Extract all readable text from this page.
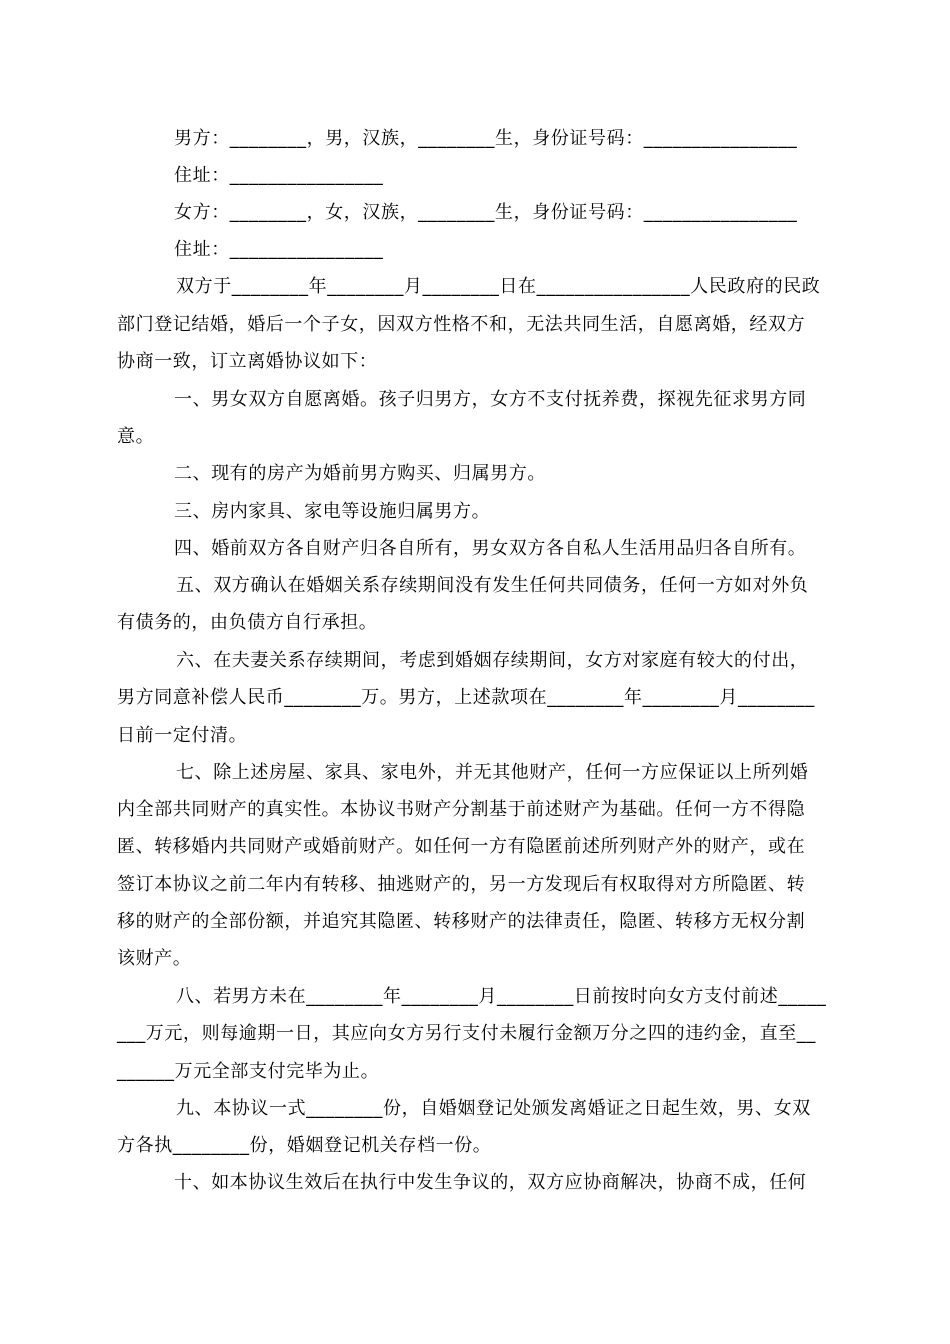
男方：________，男，汉族，________生，身份证号码：________________
住址：________________
女方：________，女，汉族，________生，身份证号码：________________
住址：________________
双方于________年________月________日在________________人民政府的民政
部门登记结婚，婚后一个子女，因双方性格不和，无法共同生活，自愿离婚，经双方
协商一致，订立离婚协议如下：
一、男女双方自愿离婚。孩子归男方，女方不支付抚养费，探视先征求男方同
意。
二、现有的房产为婚前男方购买、归属男方。
三、房内家具、家电等设施归属男方。
四、婚前双方各自财产归各自所有，男女双方各自私人生活用品归各自所有。
五、双方确认在婚姻关系存续期间没有发生任何共同债务，任何一方如对外负
有债务的，由负债方自行承担。
六、在夫妻关系存续期间，考虑到婚姻存续期间，女方对家庭有较大的付出，
男方同意补偿人民币________万。男方，上述款项在________年________月________
日前一定付清。
七、除上述房屋、家具、家电外，并无其他财产，任何一方应保证以上所列婚
内全部共同财产的真实性。本协议书财产分割基于前述财产为基础。任何一方不得隐
匿、转移婚内共同财产或婚前财产。如任何一方有隐匿前述所列财产外的财产，或在
签订本协议之前二年内有转移、抽逃财产的，另一方发现后有权取得对方所隐匿、转
移的财产的全部份额，并追究其隐匿、转移财产的法律责任，隐匿、转移方无权分割
该财产。
八、若男方未在________年________月________日前按时向女方支付前述_____
___万元，则每逾期一日，其应向女方另行支付未履行金额万分之四的违约金，直至__
______万元全部支付完毕为止。
九、本协议一式________份，自婚姻登记处颁发离婚证之日起生效，男、女双
方各执________份，婚姻登记机关存档一份。
十、如本协议生效后在执行中发生争议的，双方应协商解决，协商不成，任何
